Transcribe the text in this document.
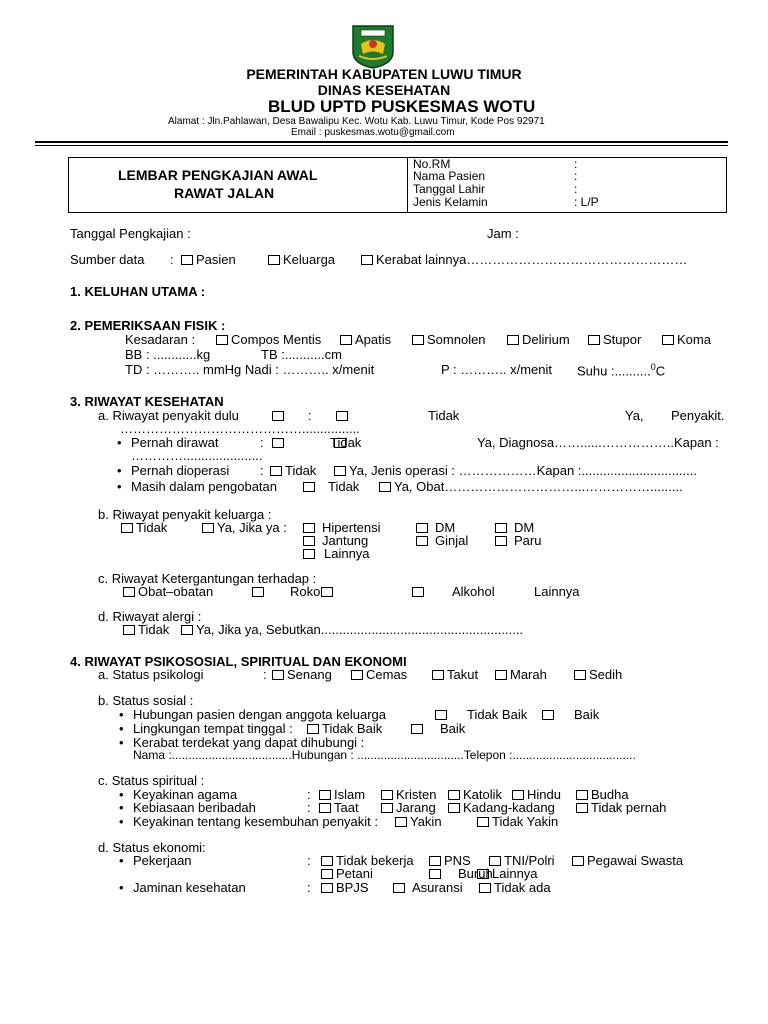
PEMERINTAH KABUPATEN LUWU TIMUR
DINAS KESEHATAN
BLUD UPTD PUSKESMAS WOTU
Alamat : Jln.Pahlawan, Desa Bawalipu Kec. Wotu Kab. Luwu Timur, Kode Pos 92971
Email : puskesmas.wotu@gmail.com
LEMBAR PENGKAJIAN AWAL
RAWAT JALAN
No.RM	:
Nama Pasien	:
Tanggal Lahir	:
Jenis Kelamin	: L/P
Tanggal Pengkajian :	Jam :
Sumber data :	Pasien	Keluarga	Kerabat lainnya……………………………………………
1. KELUHAN UTAMA :
2. PEMERIKSAAN FISIK :
Kesadaran :	Compos Mentis	Apatis	Somnolen	Delirium	Stupor	Koma
BB : ............kg	TB :...........cm
TD : ……….. mmHg Nadi : ……….. x/menit	P : ……….. x/menit Suhu :..........$^0$C
3. RIWAYAT KESEHATAN
a. Riwayat penyakit dulu	:	Tidak	Ya, Penyakit.
……………………………………................
• Pernah dirawat	:	Tidak	Ya, Diagnosa……......……………..Kapan :
…………......................
• Pernah dioperasi :	Tidak	Ya, Jenis operasi : ………………Kapan :................................
• Masih dalam pengobatan	Tidak	Ya, Obat…………………………...…………….........
b. Riwayat penyakit keluarga :
Tidak	Ya, Jika ya :	Hipertensi	DM	DM
Jantung	Ginjal	Paru
Lainnya
c. Riwayat Ketergantungan terhadap :
Obat–obatan	Roko	Alkohol	Lainnya
d. Riwayat alergi :
Tidak	Ya, Jika ya, Sebutkan........................................................
4. RIWAYAT PSIKOSOSIAL, SPIRITUAL DAN EKONOMI
a. Status psikologi	:	Senang	Cemas	Takut	Marah	Sedih
b. Status sosial :
• Hubungan pasien dengan anggota keluarga	Tidak Baik	Baik
• Lingkungan tempat tinggal :	Tidak Baik	Baik
• Kerabat terdekat yang dapat dihubungi :
Nama :....................................Hubungan : ................................Telepon :.....................................
c. Status spiritual :
• Keyakinan agama	:	Islam	Kristen	Katolik	Hindu	Budha
• Kebiasaan beribadah	:	Taat	Jarang	Kadang-kadang	Tidak pernah
• Keyakinan tentang kesembuhan penyakit :	Yakin	Tidak Yakin
d. Status ekonomi:
• Pekerjaan	:	Tidak bekerja	PNS	TNI/Polri	Pegawai Swasta
Petani	Buruh Lainnya
• Jaminan kesehatan	:	BPJS	Asuransi	Tidak ada
